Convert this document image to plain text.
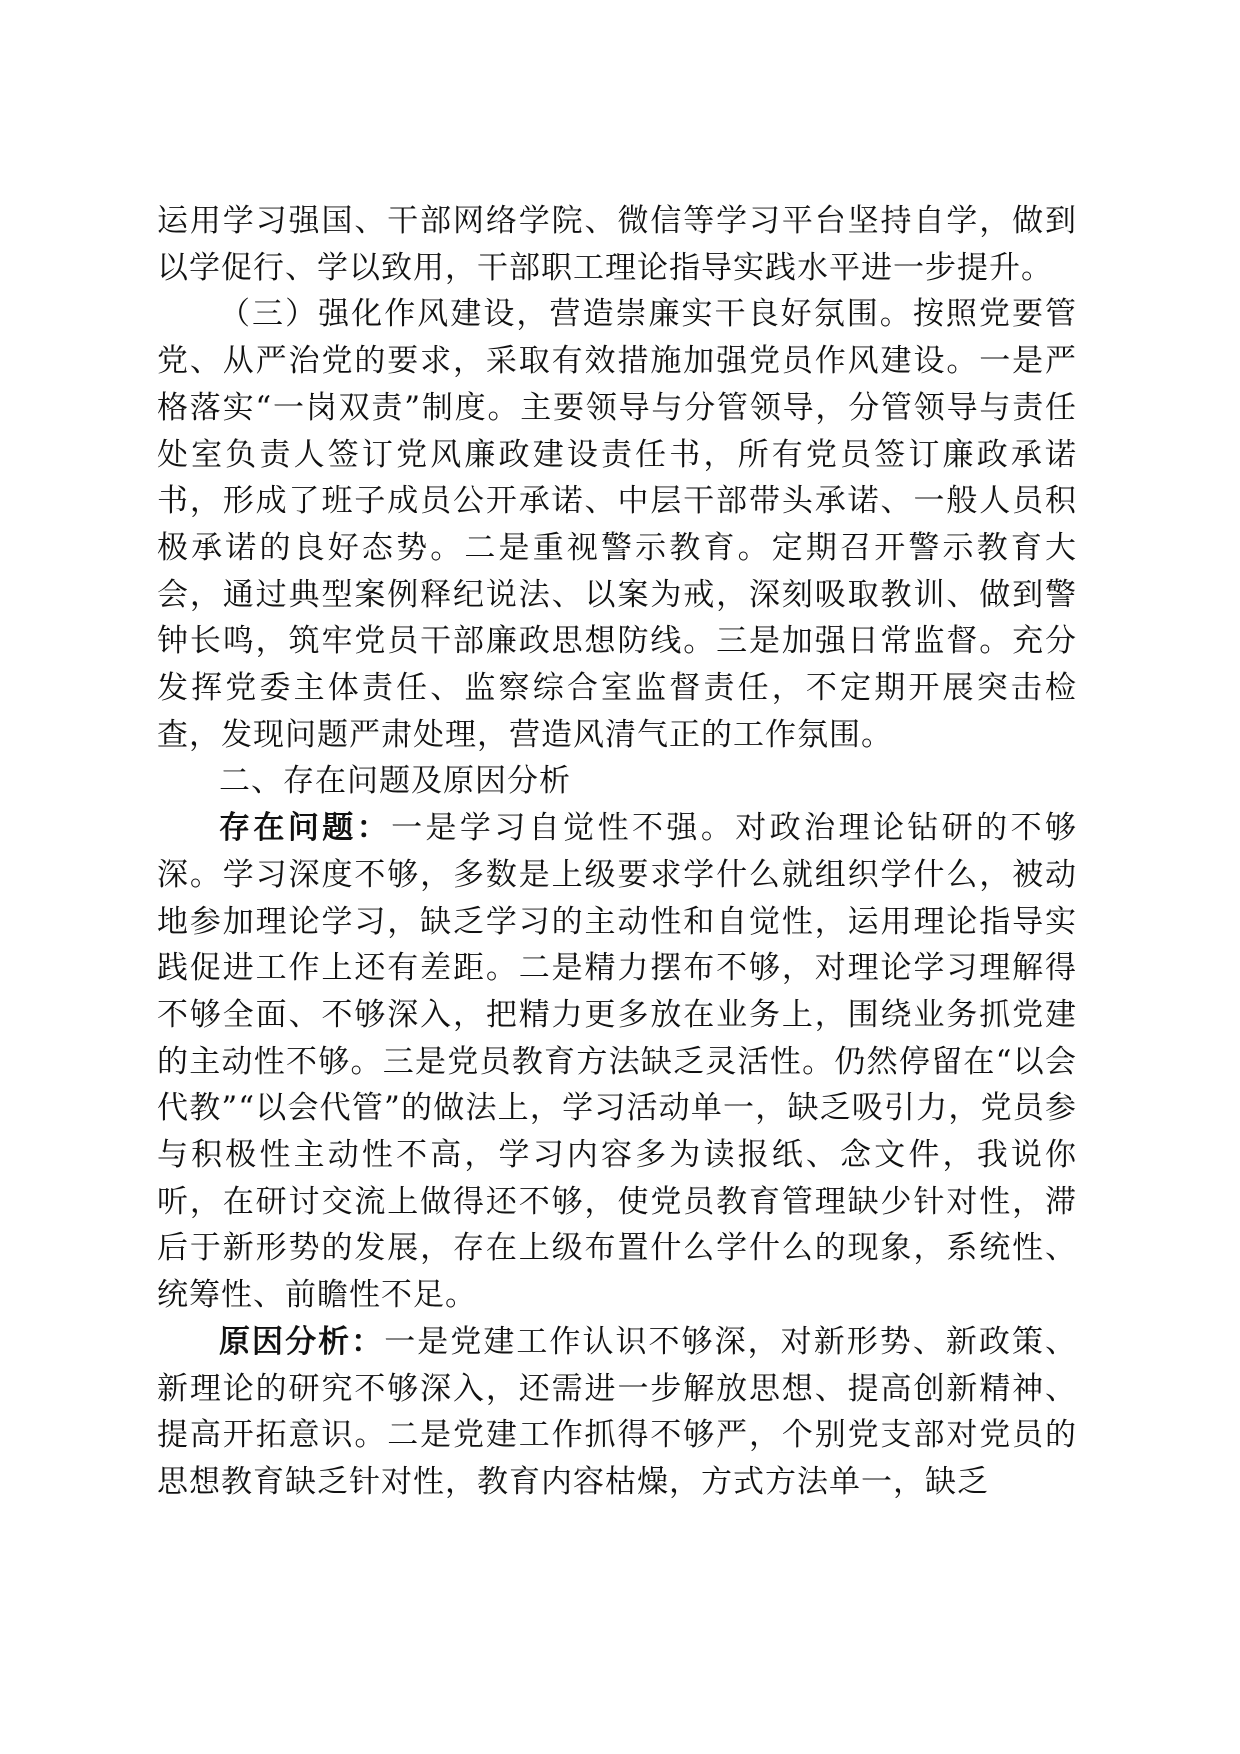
运用学习强国、干部网络学院、微信等学习平台坚持自学，做到以学促行、学以致用，干部职工理论指导实践水平进一步提升。

（三）强化作风建设，营造崇廉实干良好氛围。按照党要管党、从严治党的要求，采取有效措施加强党员作风建设。一是严格落实“一岗双责”制度。主要领导与分管领导，分管领导与责任处室负责人签订党风廉政建设责任书，所有党员签订廉政承诺书，形成了班子成员公开承诺、中层干部带头承诺、一般人员积极承诺的良好态势。二是重视警示教育。定期召开警示教育大会，通过典型案例释纪说法、以案为戒，深刻吸取教训、做到警钟长鸣，筑牢党员干部廉政思想防线。三是加强日常监督。充分发挥党委主体责任、监察综合室监督责任，不定期开展突击检查，发现问题严肃处理，营造风清气正的工作氛围。

二、存在问题及原因分析

存在问题：一是学习自觉性不强。对政治理论钻研的不够深。学习深度不够，多数是上级要求学什么就组织学什么，被动地参加理论学习，缺乏学习的主动性和自觉性，运用理论指导实践促进工作上还有差距。二是精力摆布不够，对理论学习理解得不够全面、不够深入，把精力更多放在业务上，围绕业务抓党建的主动性不够。三是党员教育方法缺乏灵活性。仍然停留在“以会代教”“以会代管”的做法上，学习活动单一，缺乏吸引力，党员参与积极性主动性不高，学习内容多为读报纸、念文件，我说你听，在研讨交流上做得还不够，使党员教育管理缺少针对性，滞后于新形势的发展，存在上级布置什么学什么的现象，系统性、统筹性、前瞻性不足。

原因分析：一是党建工作认识不够深，对新形势、新政策、新理论的研究不够深入，还需进一步解放思想、提高创新精神、提高开拓意识。二是党建工作抓得不够严，个别党支部对党员的思想教育缺乏针对性，教育内容枯燥，方式方法单一，缺乏
